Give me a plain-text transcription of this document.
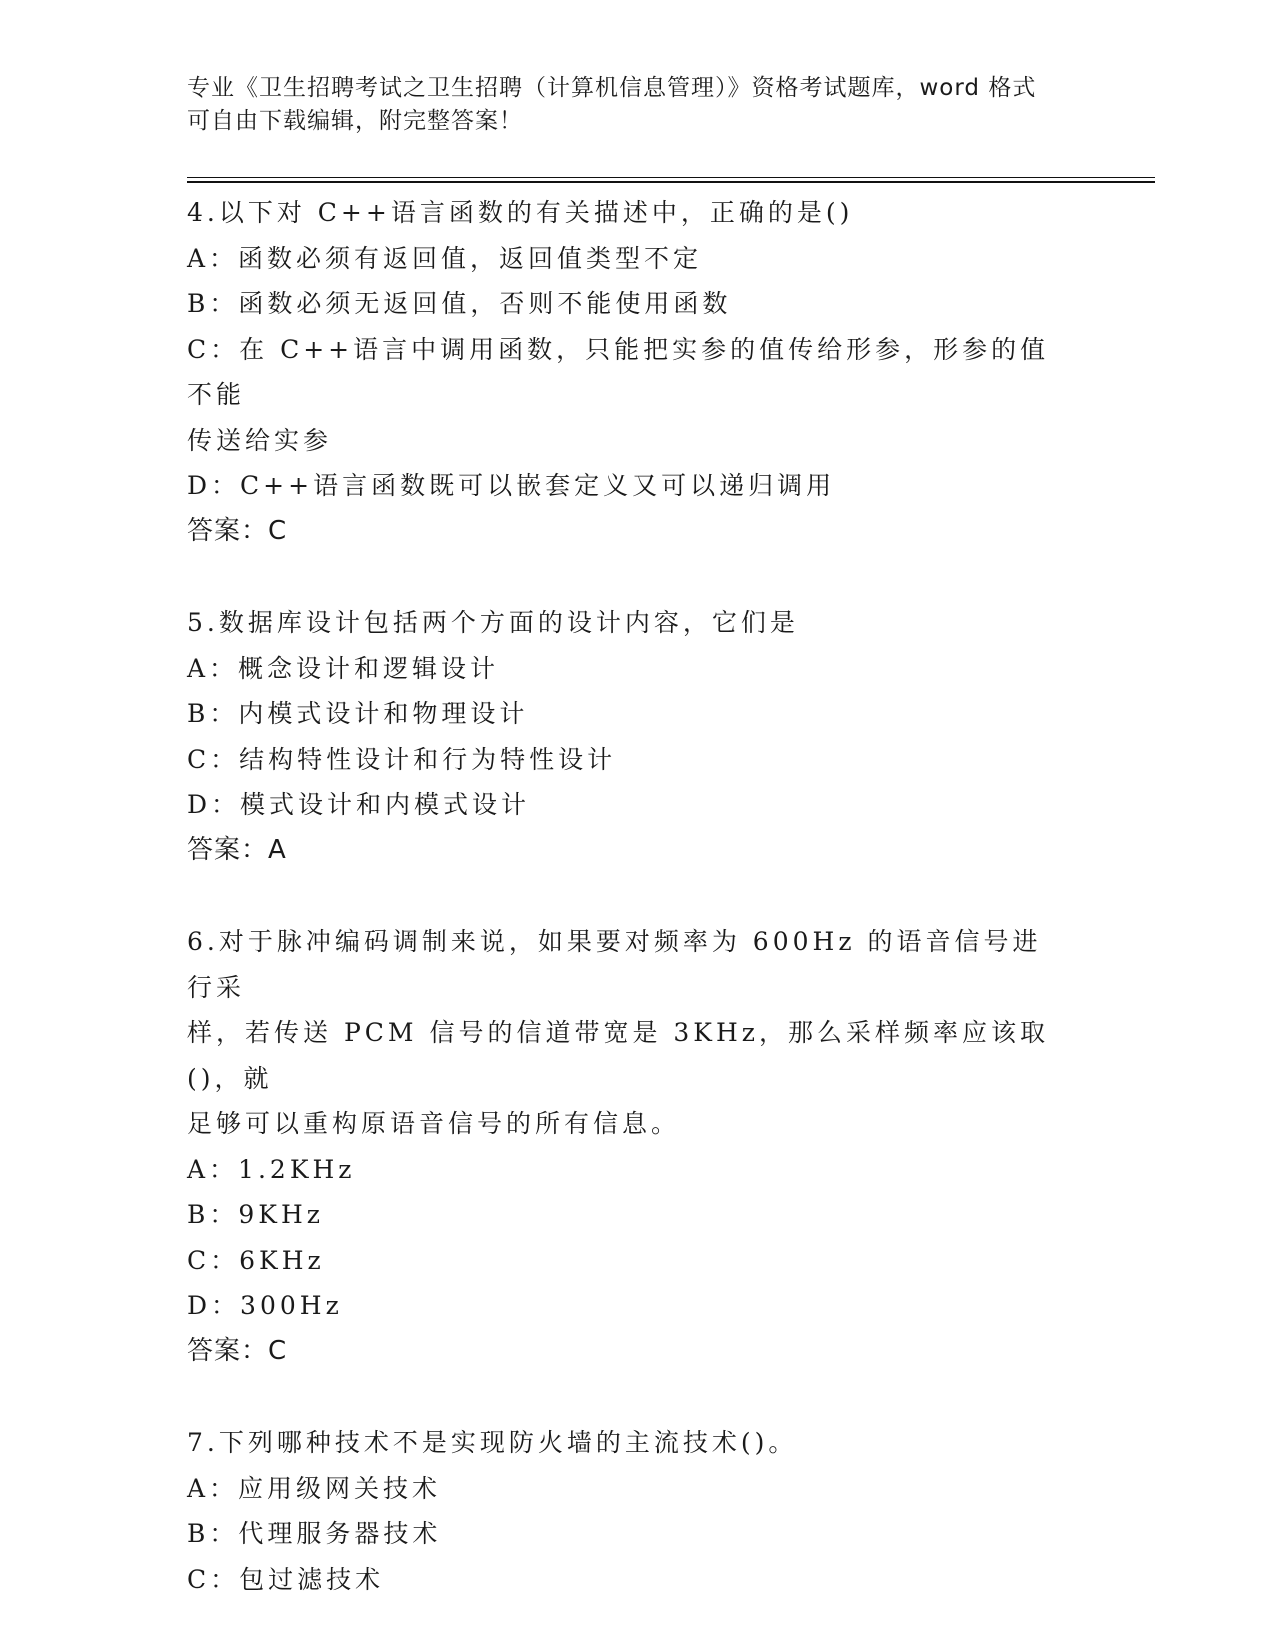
专业《卫生招聘考试之卫生招聘（计算机信息管理）》资格考试题库，word 格式
可自由下载编辑，附完整答案！
4.以下对 C++语言函数的有关描述中，正确的是()
A：函数必须有返回值，返回值类型不定
B：函数必须无返回值，否则不能使用函数
C：在 C++语言中调用函数，只能把实参的值传给形参，形参的值不能
传送给实参
D：C++语言函数既可以嵌套定义又可以递归调用
答案：C
5.数据库设计包括两个方面的设计内容，它们是
A：概念设计和逻辑设计
B：内模式设计和物理设计
C：结构特性设计和行为特性设计
D：模式设计和内模式设计
答案：A
6.对于脉冲编码调制来说，如果要对频率为 600Hz 的语音信号进行采
样，若传送 PCM 信号的信道带宽是 3KHz，那么采样频率应该取()，就
足够可以重构原语音信号的所有信息。
A：1.2KHz
B：9KHz
C：6KHz
D：300Hz
答案：C
7.下列哪种技术不是实现防火墙的主流技术()。
A：应用级网关技术
B：代理服务器技术
C：包过滤技术
